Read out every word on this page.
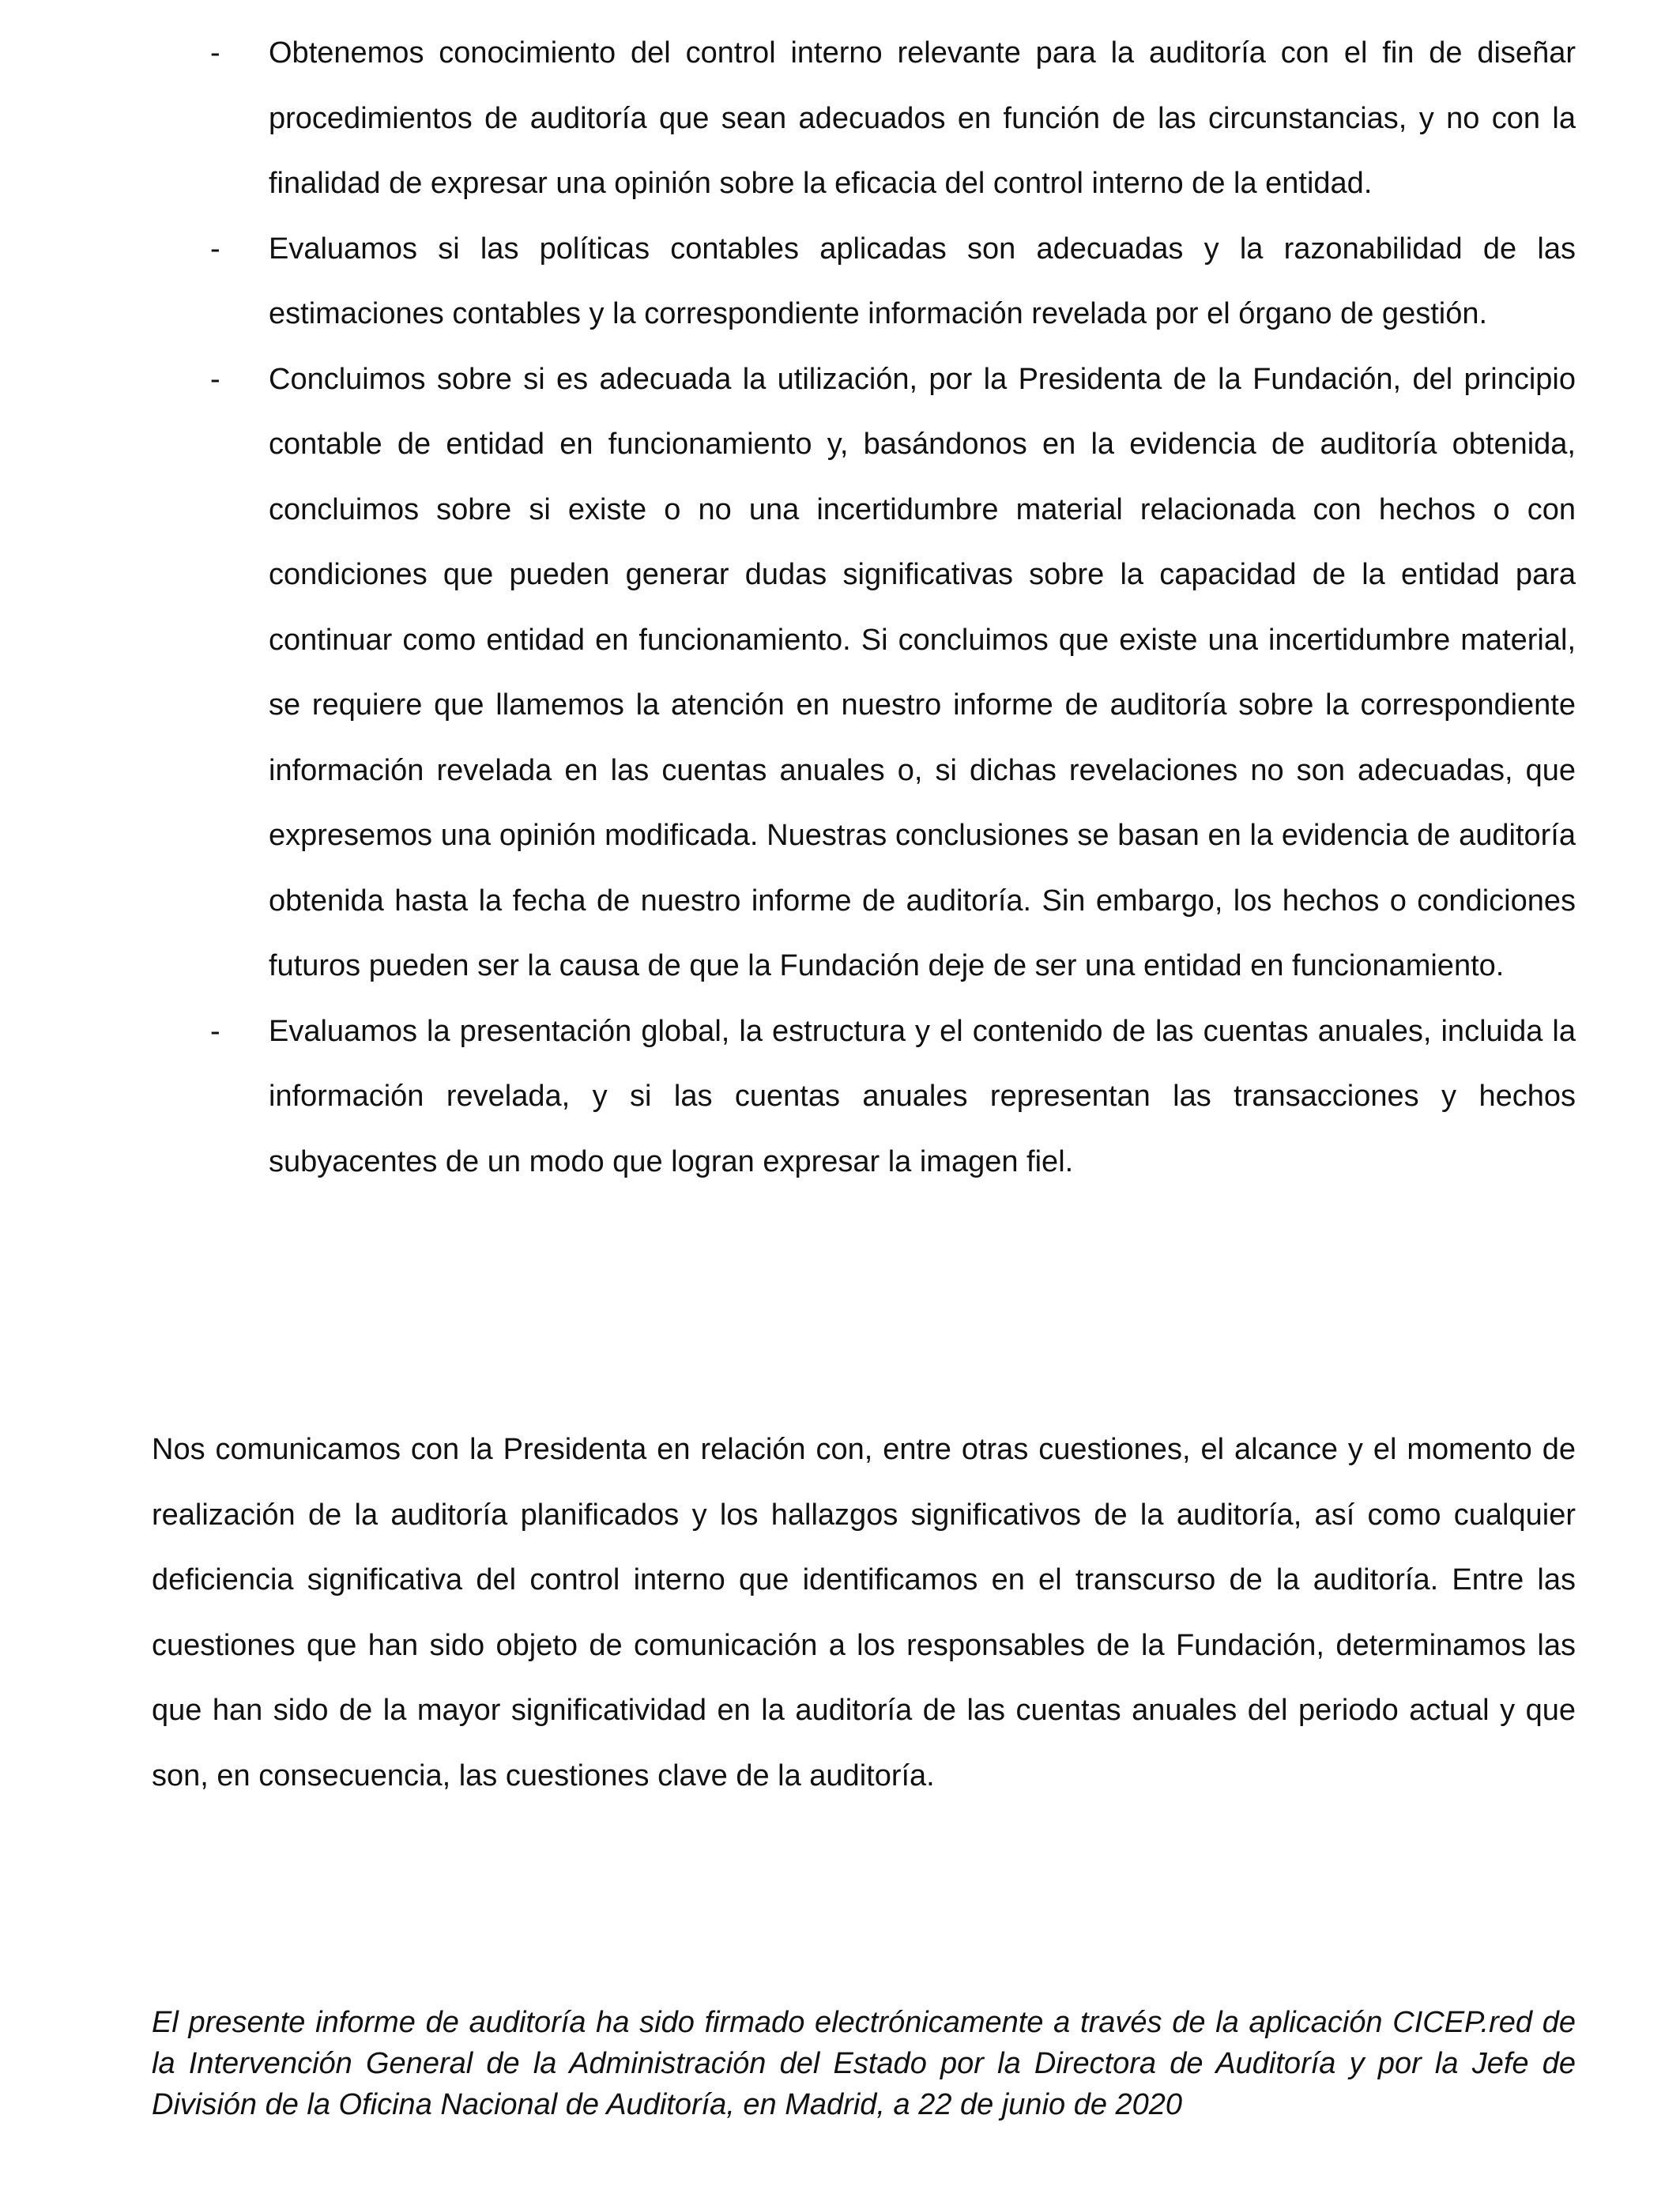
-	Obtenemos conocimiento del control interno relevante para la auditoría con el fin de diseñar procedimientos de auditoría que sean adecuados en función de las circunstancias, y no con la finalidad de expresar una opinión sobre la eficacia del control interno de la entidad.
-	Evaluamos si las políticas contables aplicadas son adecuadas y la razonabilidad de las estimaciones contables y la correspondiente información revelada por el órgano de gestión.
-	Concluimos sobre si es adecuada la utilización, por la Presidenta de la Fundación, del principio contable de entidad en funcionamiento y, basándonos en la evidencia de auditoría obtenida, concluimos sobre si existe o no una incertidumbre material relacionada con hechos o con condiciones que pueden generar dudas significativas sobre la capacidad de la entidad para continuar como entidad en funcionamiento. Si concluimos que existe una incertidumbre material, se requiere que llamemos la atención en nuestro informe de auditoría sobre la correspondiente información revelada en las cuentas anuales o, si dichas revelaciones no son adecuadas, que expresemos una opinión modificada. Nuestras conclusiones se basan en la evidencia de auditoría obtenida hasta la fecha de nuestro informe de auditoría. Sin embargo, los hechos o condiciones futuros pueden ser la causa de que la Fundación deje de ser una entidad en funcionamiento.
-	Evaluamos la presentación global, la estructura y el contenido de las cuentas anuales, incluida la información revelada, y si las cuentas anuales representan las transacciones y hechos subyacentes de un modo que logran expresar la imagen fiel.

Nos comunicamos con la Presidenta en relación con, entre otras cuestiones, el alcance y el momento de realización de la auditoría planificados y los hallazgos significativos de la auditoría, así como cualquier deficiencia significativa del control interno que identificamos en el transcurso de la auditoría. Entre las cuestiones que han sido objeto de comunicación a los responsables de la Fundación, determinamos las que han sido de la mayor significatividad en la auditoría de las cuentas anuales del periodo actual y que son, en consecuencia, las cuestiones clave de la auditoría.

El presente informe de auditoría ha sido firmado electrónicamente a través de la aplicación CICEP.red de la Intervención General de la Administración del Estado por la Directora de Auditoría y por la Jefe de División de la Oficina Nacional de Auditoría, en Madrid, a 22 de junio de 2020
